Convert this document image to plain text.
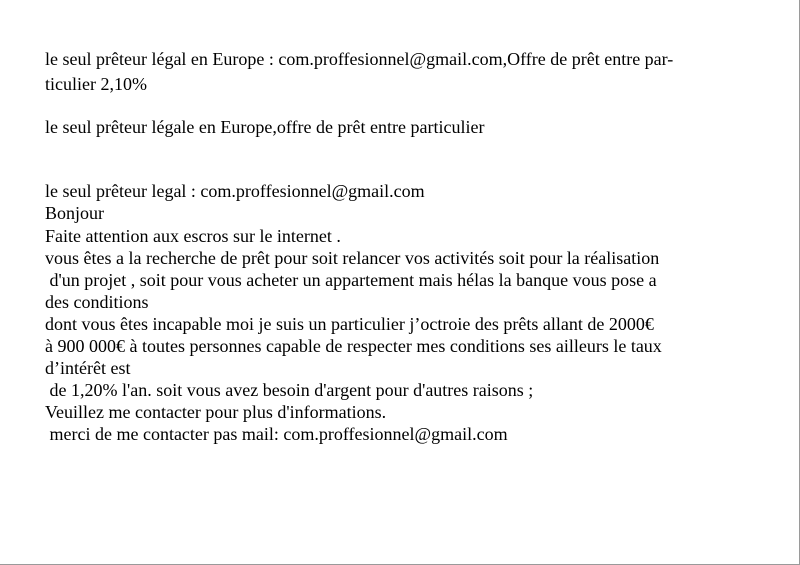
le seul prêteur légal en Europe : com.proffesionnel@gmail.com,Offre de prêt entre par-
ticulier 2,10%
le seul prêteur légale en Europe,offre de prêt entre particulier
le seul prêteur legal : com.proffesionnel@gmail.com
Bonjour
Faite attention aux escros sur le internet .
vous êtes a la recherche de prêt pour soit relancer vos activités soit pour la réalisation
d'un projet , soit pour vous acheter un appartement mais hélas la banque vous pose a
des conditions
dont vous êtes incapable moi je suis un particulier j’octroie des prêts allant de 2000€
à 900 000€ à toutes personnes capable de respecter mes conditions ses ailleurs le taux
d’intérêt est
de 1,20% l'an. soit vous avez besoin d'argent pour d'autres raisons ;
Veuillez me contacter pour plus d'informations.
merci de me contacter pas mail: com.proffesionnel@gmail.com
